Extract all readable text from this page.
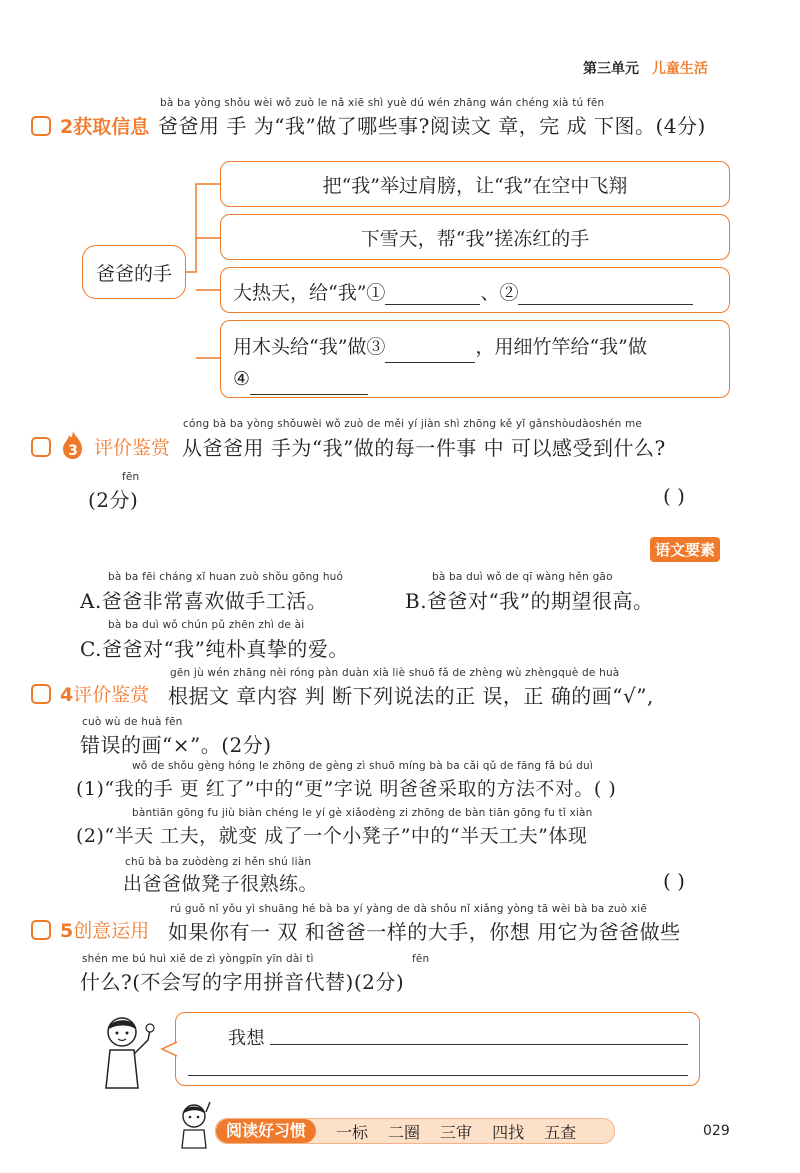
第三单元 儿童生活
2获取信息
bà ba yòng shǒu wèi wǒ zuò le nǎ xiē shì yuè dú wén zhāng wán chéng xià tú fēn
爸爸用 手 为“我”做了哪些事?阅读文 章，完 成 下图。(4分)
爸爸的手
把“我”举过肩膀，让“我”在空中飞翔
下雪天，帮“我”搓冻红的手
大热天，给“我”①	、②
用木头给“我”做③	，用细竹竿给“我”做
④
3 评价鉴赏
cóng bà ba yòng shǒuwèi wǒ zuò de měi yí jiàn shì zhōng kě yǐ gǎnshòudàoshén me
从爸爸用 手为“我”做的每一件事 中 可以感受到什么?
fēn
(2分)	( )
语文要素
bà ba fēi cháng xǐ huan zuò shǒu gōng huó
A.爸爸非常喜欢做手工活。
bà ba duì wǒ de qī wàng hěn gāo
B.爸爸对“我”的期望很高。
bà ba duì wǒ chún pǔ zhēn zhì de ài
C.爸爸对“我”纯朴真挚的爱。
4评价鉴赏
gēn jù wén zhāng nèi róng pàn duàn xià liè shuō fǎ de zhèng wù zhèngquè de huà
根据文 章内容 判 断下列说法的正 误，正 确的画“√”,
cuò wù de huà fēn
错误的画“×”。(2分)
wǒ de shǒu gèng hóng le zhōng de gèng zì shuō míng bà ba cǎi qǔ de fāng fǎ bú duì
(1)“我的手 更 红了”中的“更”字说 明爸爸采取的方法不对。( )
bàntiān gōng fu jiù biàn chéng le yí gè xiǎodèng zi zhōng de bàn tiān gōng fu tǐ xiàn
(2)“半天 工夫，就变 成了一个小凳子”中的“半天工夫”体现
chū bà ba zuòdèng zi hěn shú liàn
出爸爸做凳子很熟练。	( )
5创意运用
rú guǒ nǐ yǒu yì shuāng hé bà ba yí yàng de dà shǒu nǐ xiǎng yòng tā wèi bà ba zuò xiē
如果你有一 双 和爸爸一样的大手，你想 用它为爸爸做些
shén me bú huì xiě de zì yòngpīn yīn dài tì	fēn
什么?(不会写的字用拼音代替)(2分)
我想
阅读好习惯	一标 二圈 三审 四找 五查	029
